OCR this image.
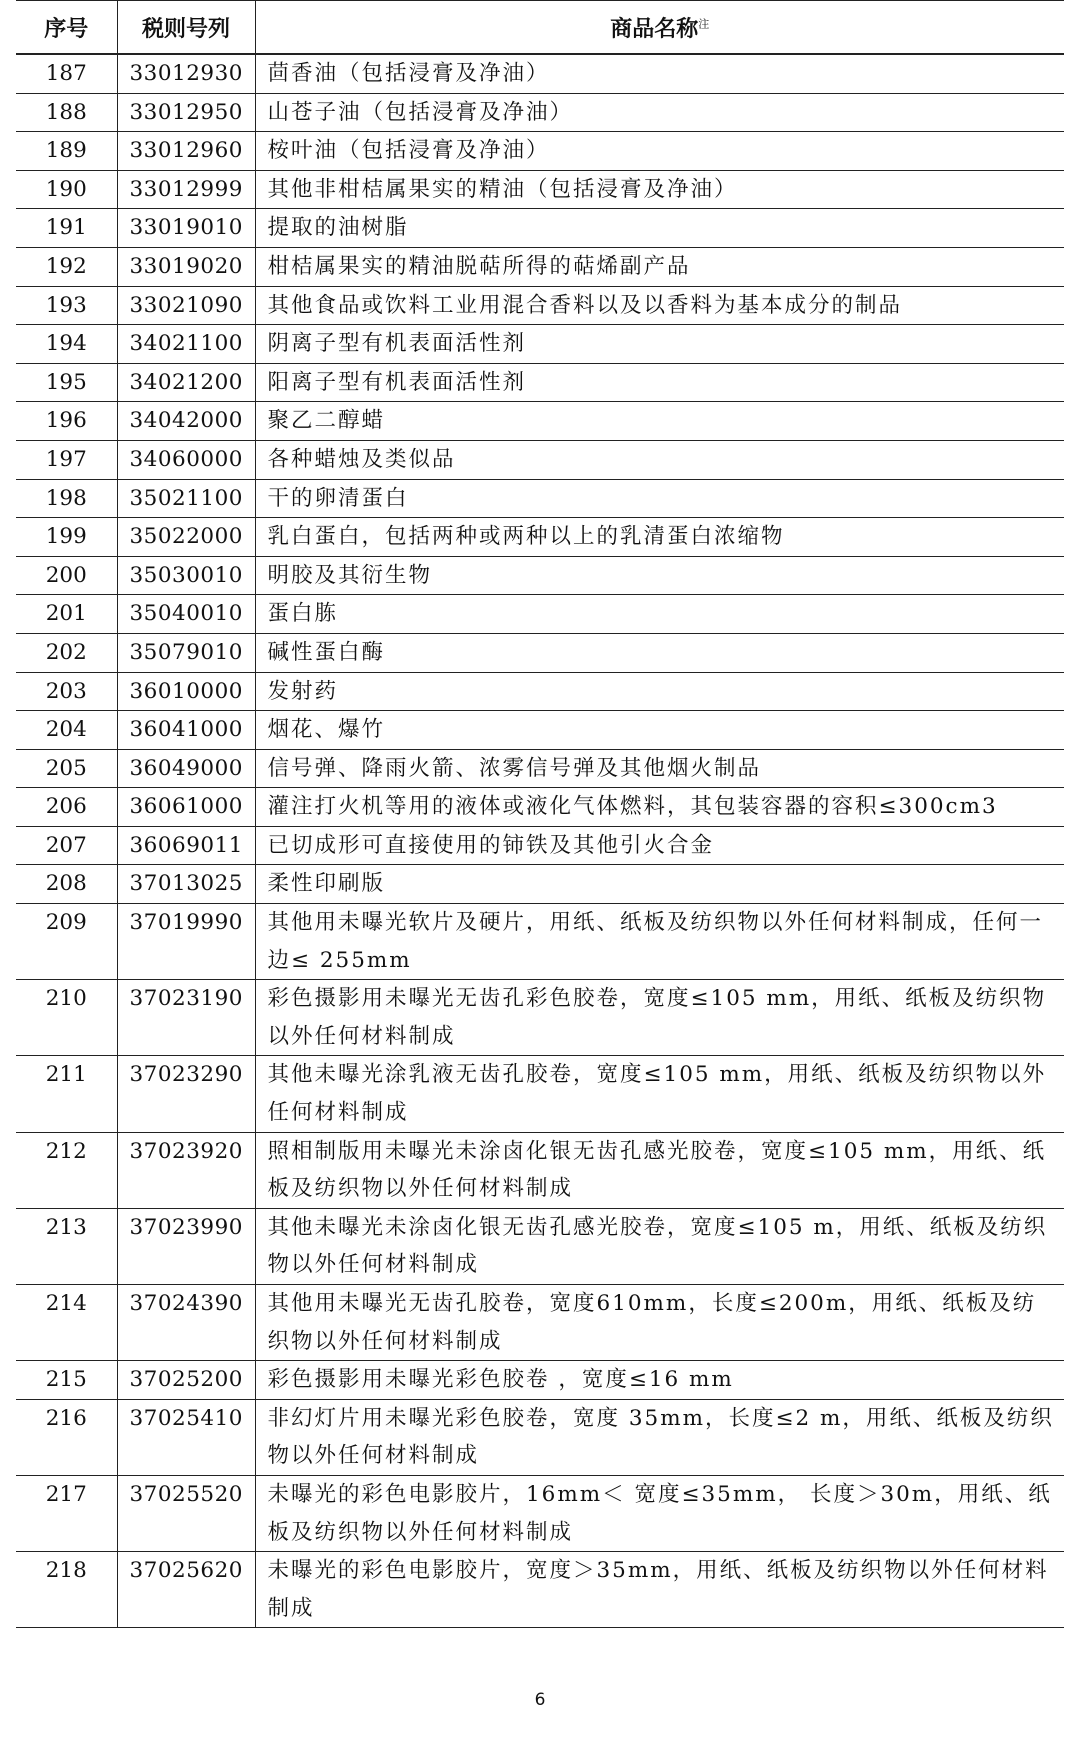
序号	税则号列	商品名称$^注$
187	33012930	茴香油（包括浸膏及净油）
188	33012950	山苍子油（包括浸膏及净油）
189	33012960	桉叶油（包括浸膏及净油）
190	33012999	其他非柑桔属果实的精油（包括浸膏及净油）
191	33019010	提取的油树脂
192	33019020	柑桔属果实的精油脱萜所得的萜烯副产品
193	33021090	其他食品或饮料工业用混合香料以及以香料为基本成分的制品
194	34021100	阴离子型有机表面活性剂
195	34021200	阳离子型有机表面活性剂
196	34042000	聚乙二醇蜡
197	34060000	各种蜡烛及类似品
198	35021100	干的卵清蛋白
199	35022000	乳白蛋白，包括两种或两种以上的乳清蛋白浓缩物
200	35030010	明胶及其衍生物
201	35040010	蛋白胨
202	35079010	碱性蛋白酶
203	36010000	发射药
204	36041000	烟花、爆竹
205	36049000	信号弹、降雨火箭、浓雾信号弹及其他烟火制品
206	36061000	灌注打火机等用的液体或液化气体燃料，其包装容器的容积≤300cm3
207	36069011	已切成形可直接使用的铈铁及其他引火合金
208	37013025	柔性印刷版
209	37019990	其他用未曝光软片及硬片，用纸、纸板及纺织物以外任何材料制成，任何一边≤ 255mm
210	37023190	彩色摄影用未曝光无齿孔彩色胶卷，宽度≤105 mm，用纸、纸板及纺织物以外任何材料制成
211	37023290	其他未曝光涂乳液无齿孔胶卷，宽度≤105 mm，用纸、纸板及纺织物以外任何材料制成
212	37023920	照相制版用未曝光未涂卤化银无齿孔感光胶卷，宽度≤105 mm，用纸、纸板及纺织物以外任何材料制成
213	37023990	其他未曝光未涂卤化银无齿孔感光胶卷，宽度≤105 m，用纸、纸板及纺织物以外任何材料制成
214	37024390	其他用未曝光无齿孔胶卷，宽度610mm，长度≤200m，用纸、纸板及纺织物以外任何材料制成
215	37025200	彩色摄影用未曝光彩色胶卷 ，宽度≤16 mm
216	37025410	非幻灯片用未曝光彩色胶卷，宽度 35mm，长度≤2 m，用纸、纸板及纺织物以外任何材料制成
217	37025520	未曝光的彩色电影胶片，16mm＜ 宽度≤35mm， 长度＞30m，用纸、纸板及纺织物以外任何材料制成
218	37025620	未曝光的彩色电影胶片，宽度＞35mm，用纸、纸板及纺织物以外任何材料制成
6
